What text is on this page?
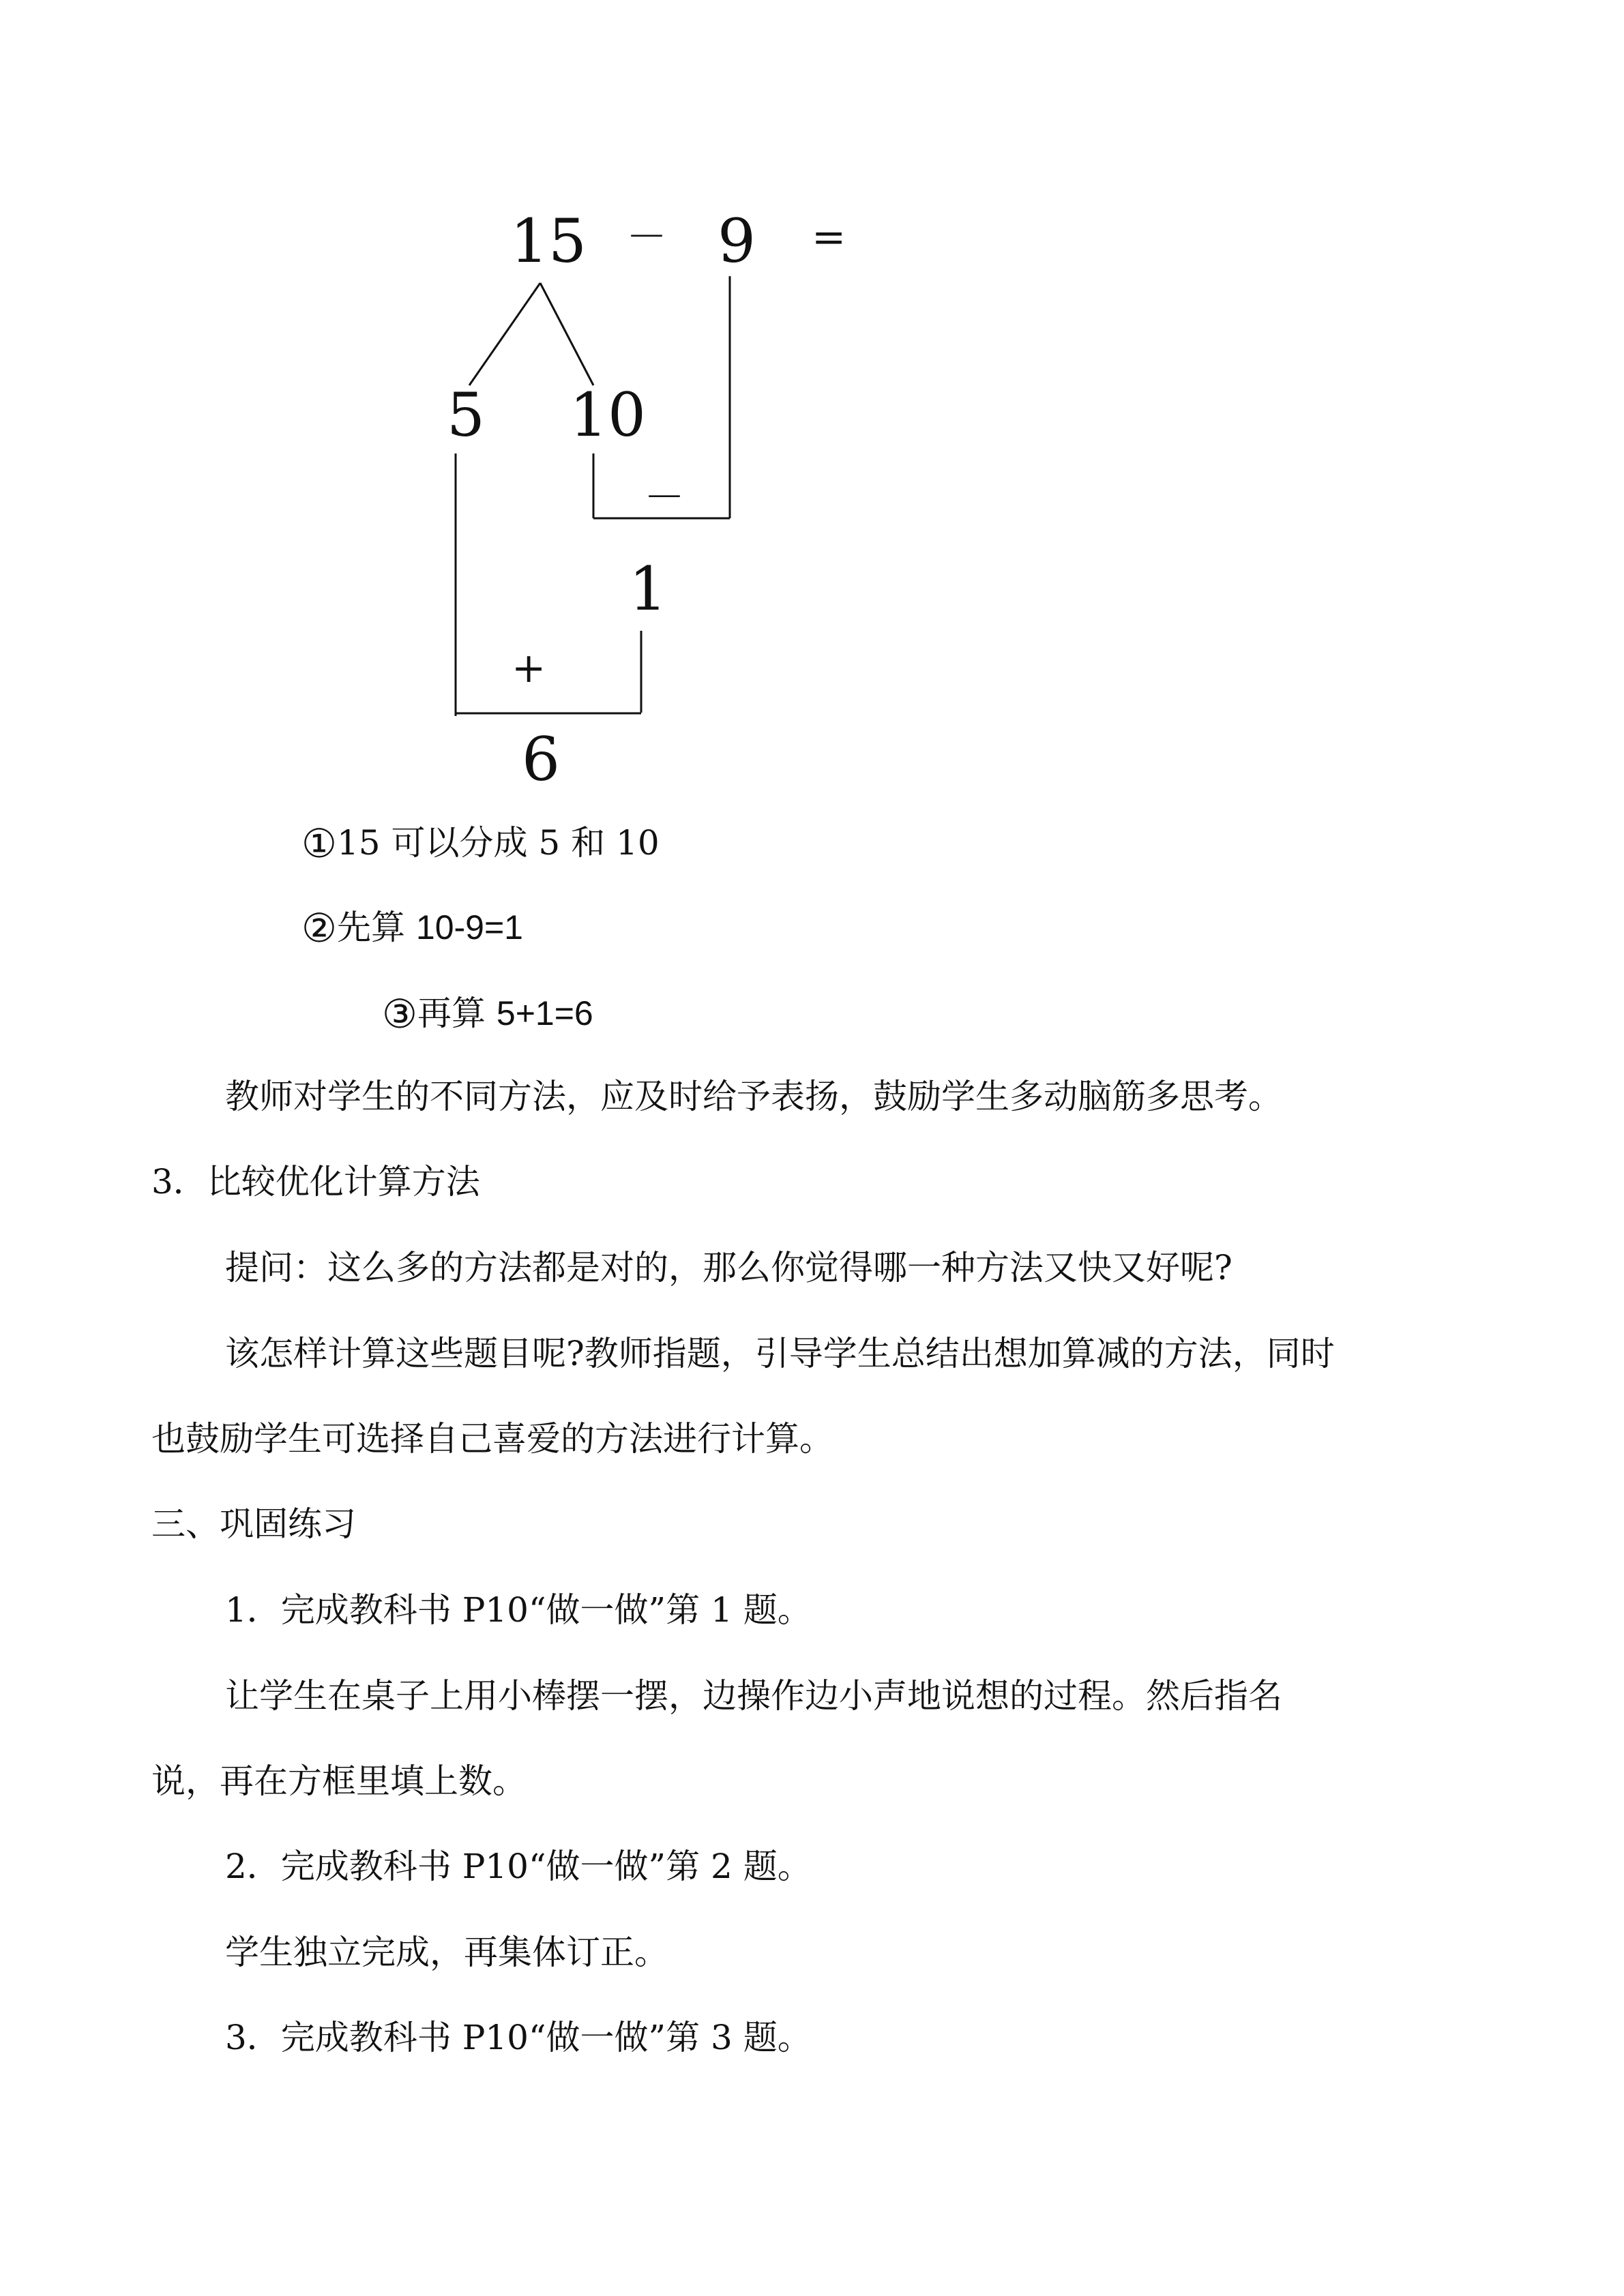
15 － 9 =
5 10
－
1
+
6
①15 可以分成 5 和 10
②先算 10-9=1
③再算 5+1=6
教师对学生的不同方法，应及时给予表扬，鼓励学生多动脑筋多思考。
3．比较优化计算方法
提问：这么多的方法都是对的，那么你觉得哪一种方法又快又好呢?
该怎样计算这些题目呢?教师指题，引导学生总结出想加算减的方法，同时
也鼓励学生可选择自己喜爱的方法进行计算。
三、巩固练习
1．完成教科书 P10“做一做”第 1 题。
让学生在桌子上用小棒摆一摆，边操作边小声地说想的过程。然后指名
说，再在方框里填上数。
2．完成教科书 P10“做一做”第 2 题。
学生独立完成，再集体订正。
3．完成教科书 P10“做一做”第 3 题。
